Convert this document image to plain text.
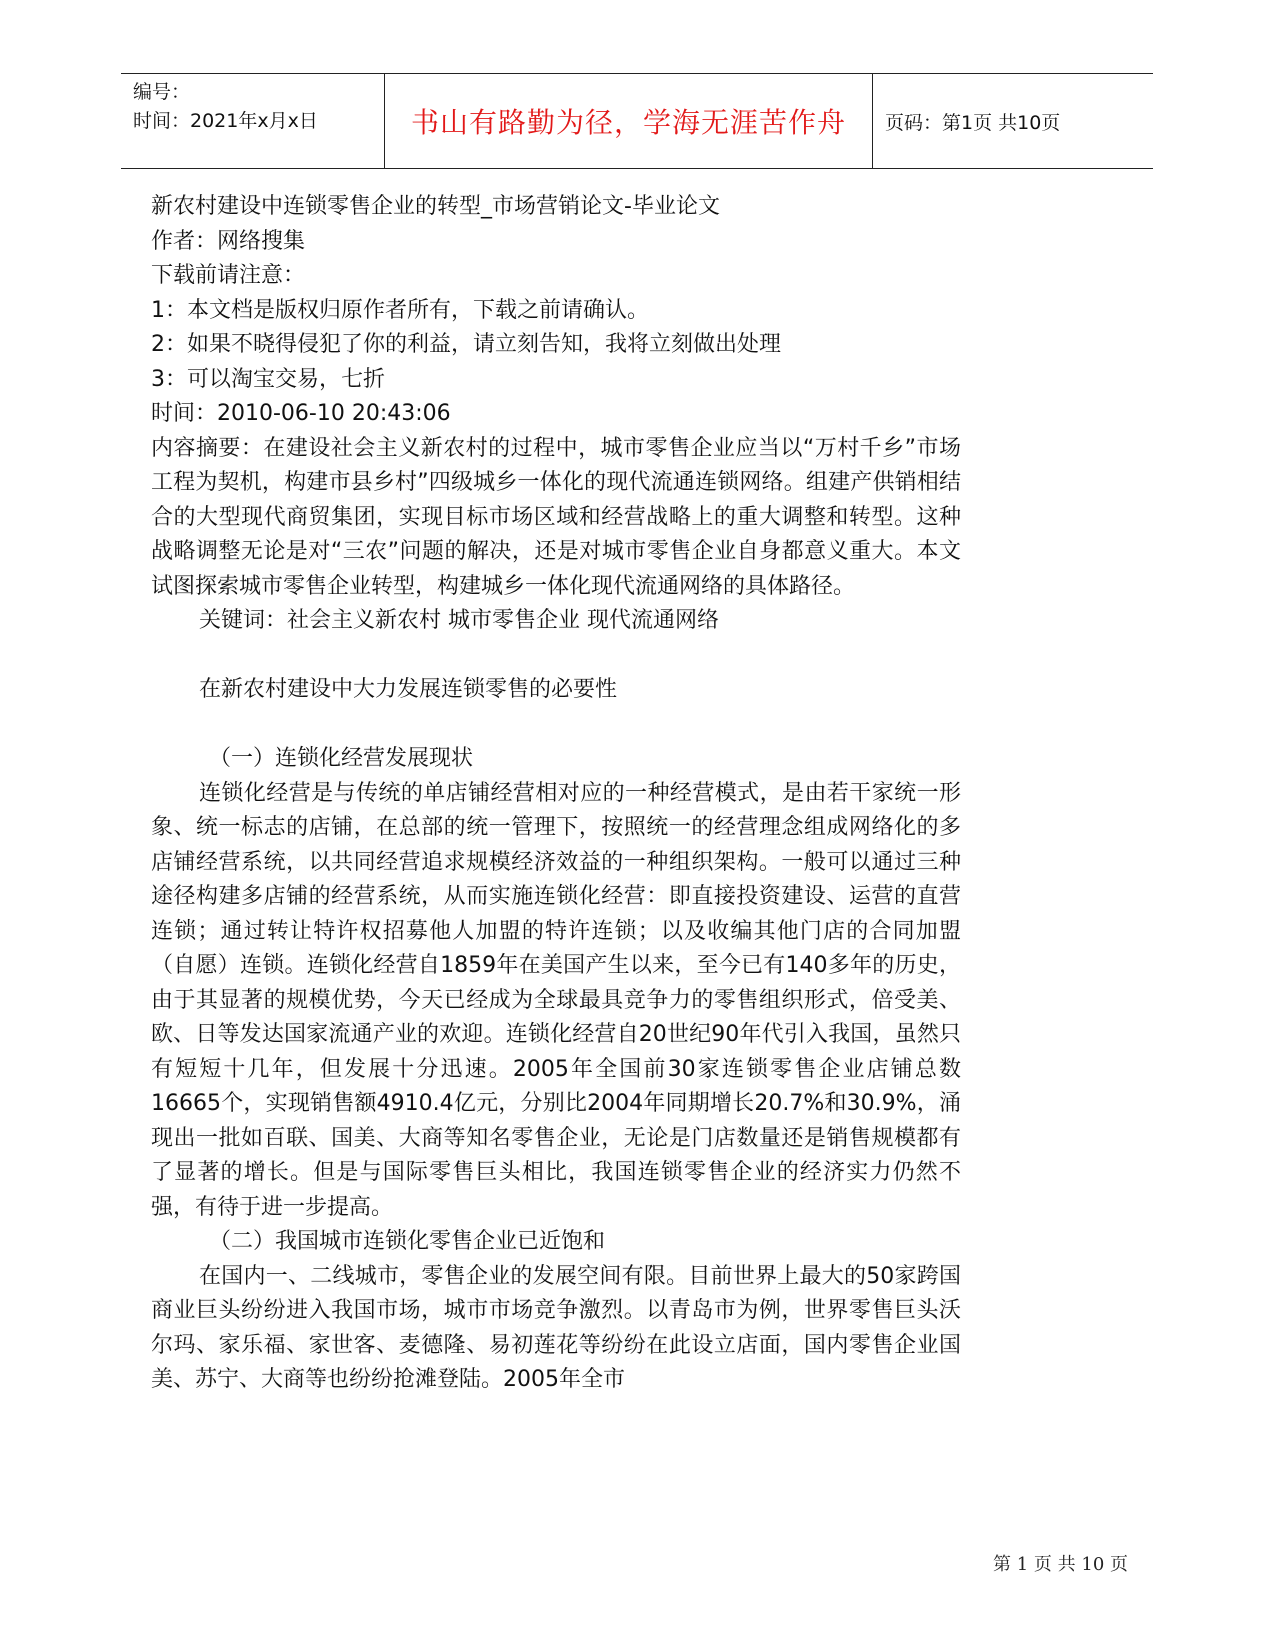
编号：
时间：2021年x月x日	书山有路勤为径，学海无涯苦作舟 页码：第1页 共10页

新农村建设中连锁零售企业的转型_市场营销论文-毕业论文

作者：网络搜集

下载前请注意：

1：本文档是版权归原作者所有，下载之前请确认。

2：如果不晓得侵犯了你的利益，请立刻告知，我将立刻做出处理

3：可以淘宝交易，七折

时间：2010-06-10 20:43:06

内容摘要：在建设社会主义新农村的过程中，城市零售企业应当以“万村千乡”市场工程为契机，构建市县乡村”四级城乡一体化的现代流通连锁网络。组建产供销相结合的大型现代商贸集团，实现目标市场区域和经营战略上的重大调整和转型。这种战略调整无论是对“三农”问题的解决，还是对城市零售企业自身都意义重大。本文试图探索城市零售企业转型，构建城乡一体化现代流通网络的具体路径。

关键词：社会主义新农村 城市零售企业 现代流通网络

在新农村建设中大力发展连锁零售的必要性

（一）连锁化经营发展现状

连锁化经营是与传统的单店铺经营相对应的一种经营模式，是由若干家统一形象、统一标志的店铺，在总部的统一管理下，按照统一的经营理念组成网络化的多店铺经营系统，以共同经营追求规模经济效益的一种组织架构。一般可以通过三种途径构建多店铺的经营系统，从而实施连锁化经营：即直接投资建设、运营的直营连锁；通过转让特许权招募他人加盟的特许连锁；以及收编其他门店的合同加盟（自愿）连锁。连锁化经营自1859年在美国产生以来，至今已有140多年的历史，由于其显著的规模优势，今天已经成为全球最具竞争力的零售组织形式，倍受美、欧、日等发达国家流通产业的欢迎。连锁化经营自20世纪90年代引入我国，虽然只有短短十几年，但发展十分迅速。2005年全国前30家连锁零售企业店铺总数16665个，实现销售额4910.4亿元，分别比2004年同期增长20.7%和30.9%，涌现出一批如百联、国美、大商等知名零售企业，无论是门店数量还是销售规模都有了显著的增长。但是与国际零售巨头相比，我国连锁零售企业的经济实力仍然不强，有待于进一步提高。

（二）我国城市连锁化零售企业已近饱和

在国内一、二线城市，零售企业的发展空间有限。目前世界上最大的50家跨国商业巨头纷纷进入我国市场，城市市场竞争激烈。以青岛市为例，世界零售巨头沃尔玛、家乐福、家世客、麦德隆、易初莲花等纷纷在此设立店面，国内零售企业国美、苏宁、大商等也纷纷抢滩登陆。2005年全市

第 1 页 共 10 页
